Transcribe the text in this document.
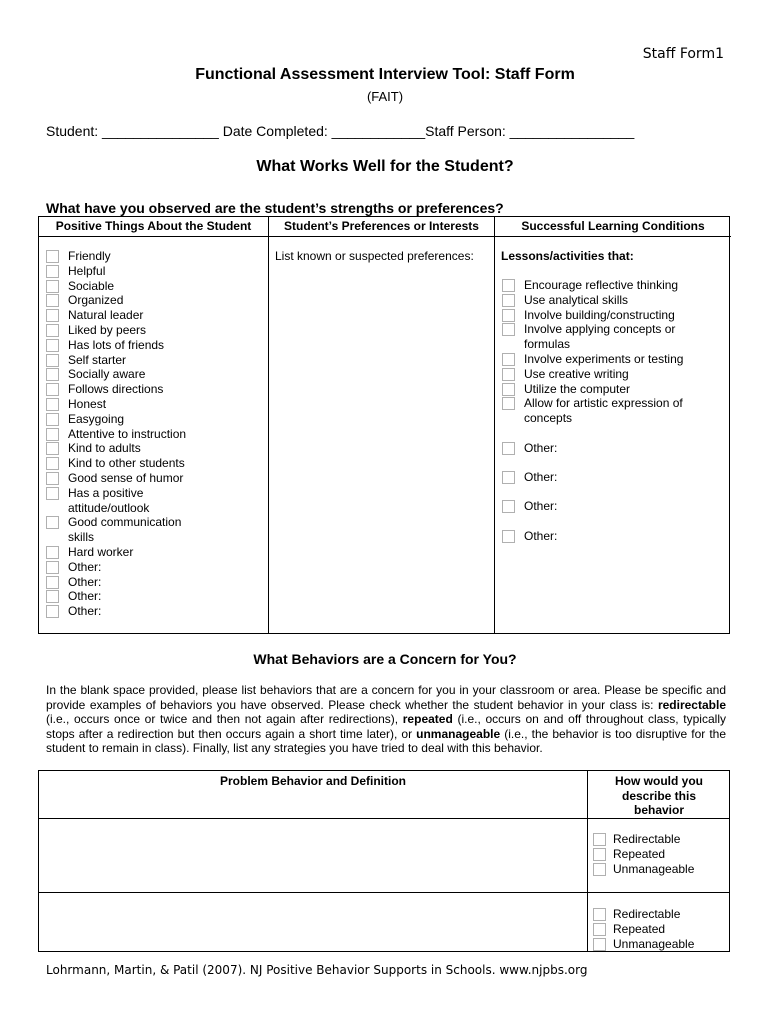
Staff Form1
Functional Assessment Interview Tool: Staff Form
(FAIT)
Student: _______________ Date Completed: ____________Staff Person: ________________
What Works Well for the Student?
What have you observed are the student’s strengths or preferences?
Positive Things About the Student
Friendly
Helpful
Sociable
Organized
Natural leader
Liked by peers
Has lots of friends
Self starter
Socially aware
Follows directions
Honest
Easygoing
Attentive to instruction
Kind to adults
Kind to other students
Good sense of humor
Has a positive
attitude/outlook
Good communication
skills
Hard worker
Other:
Other:
Other:
Other:
Student’s Preferences or Interests
List known or suspected preferences:
Successful Learning Conditions
Lessons/activities that:
Encourage reflective thinking
Use analytical skills
Involve building/constructing
Involve applying concepts or
formulas
Involve experiments or testing
Use creative writing
Utilize the computer
Allow for artistic expression of
concepts
Other:
Other:
Other:
Other:
What Behaviors are a Concern for You?
In the blank space provided, please list behaviors that are a concern for you in your classroom or area. Please be specific and provide examples of behaviors you have observed. Please check whether the student behavior in your class is: redirectable (i.e., occurs once or twice and then not again after redirections), repeated (i.e., occurs on and off throughout class, typically stops after a redirection but then occurs again a short time later), or unmanageable (i.e., the behavior is too disruptive for the student to remain in class). Finally, list any strategies you have tried to deal with this behavior.
Problem Behavior and Definition	How would you
describe this
behavior
Redirectable
Repeated
Unmanageable
Redirectable
Repeated
Unmanageable
Lohrmann, Martin, & Patil (2007). NJ Positive Behavior Supports in Schools. www.njpbs.org
